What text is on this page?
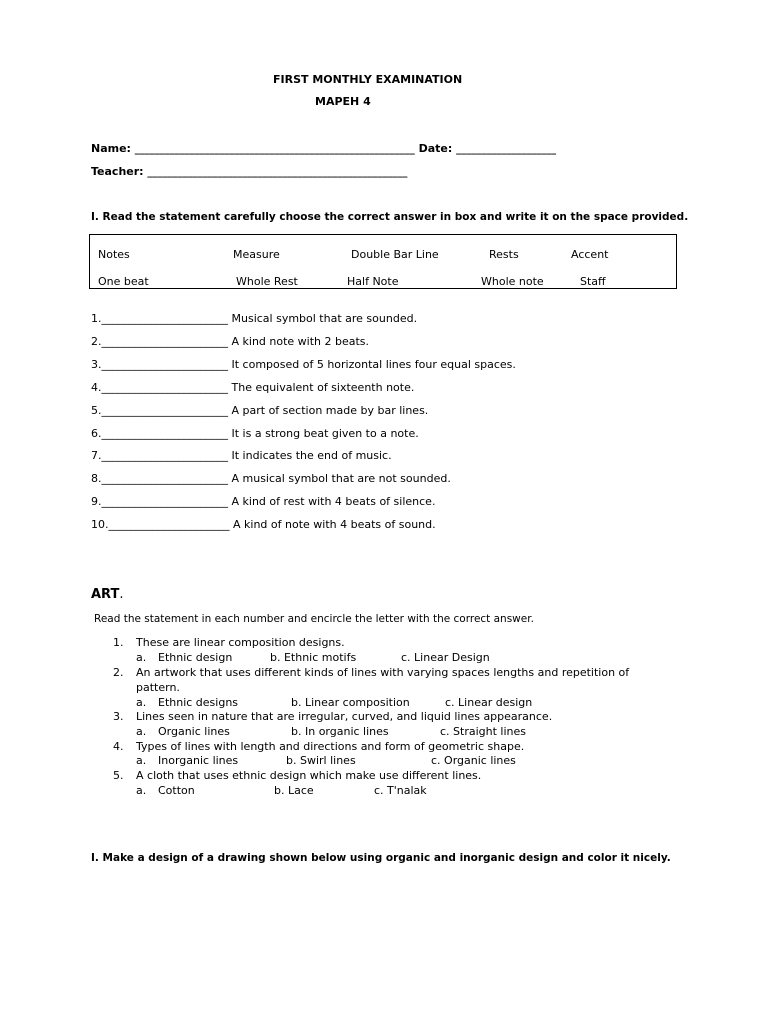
FIRST MONTHLY EXAMINATION
MAPEH 4
Name: ________________________________________________________ Date: ____________________
Teacher: ____________________________________________________
I. Read the statement carefully choose the correct answer in box and write it on the space provided.
Notes	Measure	Double Bar Line	Rests	Accent
One beat	Whole Rest	Half Note	Whole note	Staff
1._______________________ Musical symbol that are sounded.
2._______________________ A kind note with 2 beats.
3._______________________ It composed of 5 horizontal lines four equal spaces.
4._______________________ The equivalent of sixteenth note.
5._______________________ A part of section made by bar lines.
6._______________________ It is a strong beat given to a note.
7._______________________ It indicates the end of music.
8._______________________ A musical symbol that are not sounded.
9._______________________ A kind of rest with 4 beats of silence.
10.______________________ A kind of note with 4 beats of sound.
ART.
Read the statement in each number and encircle the letter with the correct answer.
1. These are linear composition designs.
a. Ethnic design	b. Ethnic motifs	c. Linear Design
2. An artwork that uses different kinds of lines with varying spaces lengths and repetition of
pattern.
a. Ethnic designs	b. Linear composition	c. Linear design
3. Lines seen in nature that are irregular, curved, and liquid lines appearance.
a. Organic lines	b. In organic lines	c. Straight lines
4. Types of lines with length and directions and form of geometric shape.
a. Inorganic lines	b. Swirl lines	c. Organic lines
5. A cloth that uses ethnic design which make use different lines.
a. Cotton	b. Lace	c. T'nalak
I. Make a design of a drawing shown below using organic and inorganic design and color it nicely.
